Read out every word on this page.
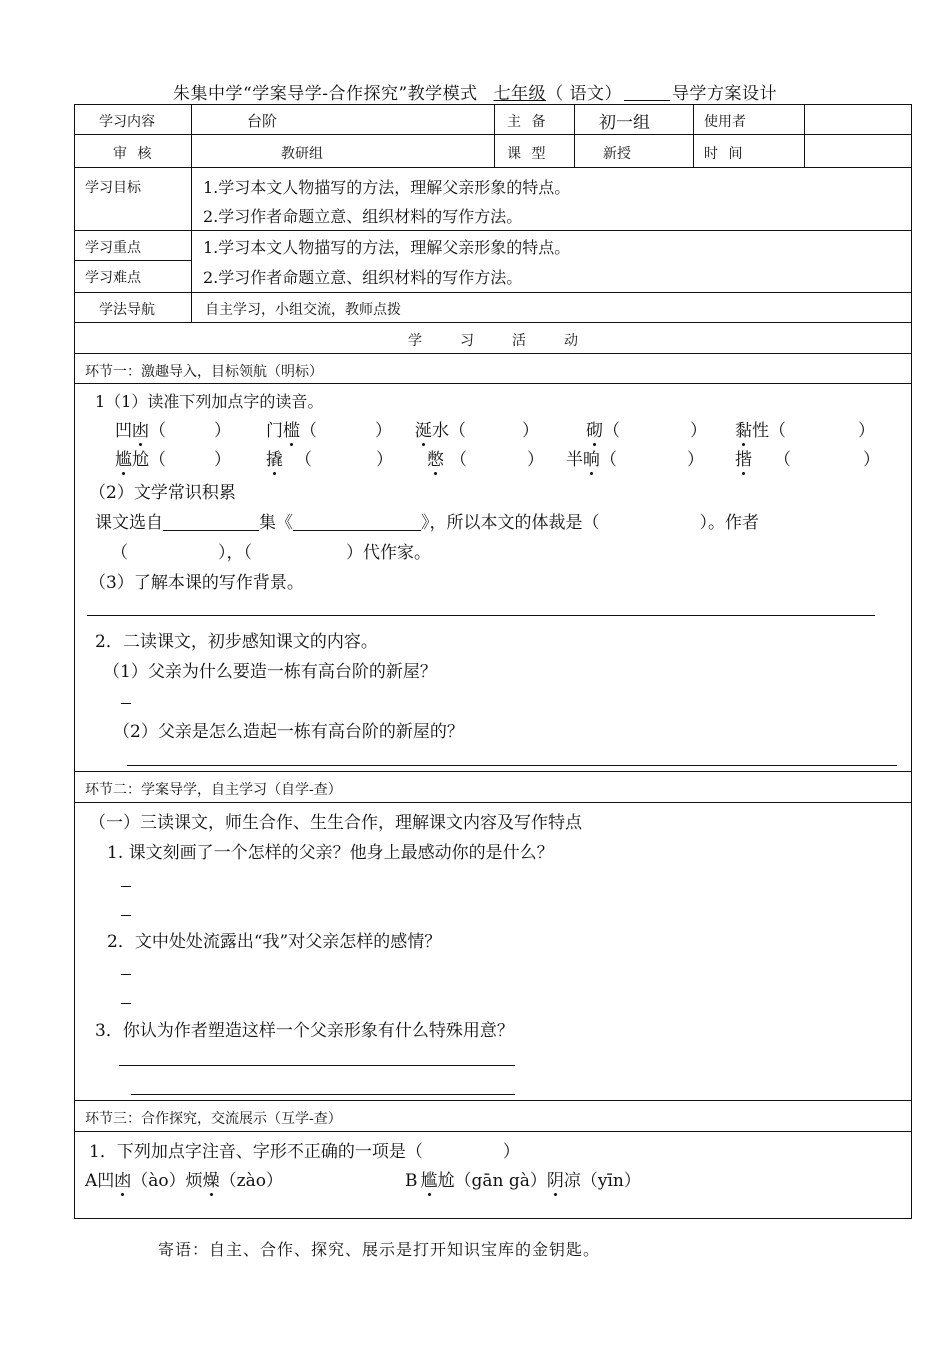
朱集中学“学案导学-合作探究”教学模式 七年级（ 语文）	导学方案设计
学习内容	台阶	主 备	初一组	使用者
审 核	教研组	课 型	新授	时 间
学习目标	1.学习本文人物描写的方法，理解父亲形象的特点。
2.学习作者命题立意、组织材料的写作方法。
学习重点	1.学习本文人物描写的方法，理解父亲形象的特点。
学习难点	2.学习作者命题立意、组织材料的写作方法。
学法导航	自主学习，小组交流，教师点拨
学	习	活	动
环节一：激趣导入，目标领航（明标）
1（1）读准下列加点字的读音。
凹凼（	） 门槛（	） 涎水（	）	砌（	） 黏性（	）
尴尬（	） 撬 （	） 憋 （	） 半晌（	） 揩 （	）
（2）文学常识积累
课文选自	集《	》，所以本文的体裁是（	）。作者
（	），（	）代作家。
（3）了解本课的写作背景。
2．二读课文，初步感知课文的内容。
（1）父亲为什么要造一栋有高台阶的新屋？
（2）父亲是怎么造起一栋有高台阶的新屋的？
环节二：学案导学，自主学习（自学-查）
（一）三读课文，师生合作、生生合作，理解课文内容及写作特点
1. 课文刻画了一个怎样的父亲？他身上最感动你的是什么？
2．文中处处流露出“我”对父亲怎样的感情？
3．你认为作者塑造这样一个父亲形象有什么特殊用意？
环节三：合作探究，交流展示（互学-查）
1．下列加点字注音、字形不正确的一项是（	）
A凹凼（ào）烦燥（zào）	B 尴尬（gān gà）阴凉（yīn）
寄语：自主、合作、探究、展示是打开知识宝库的金钥匙。
